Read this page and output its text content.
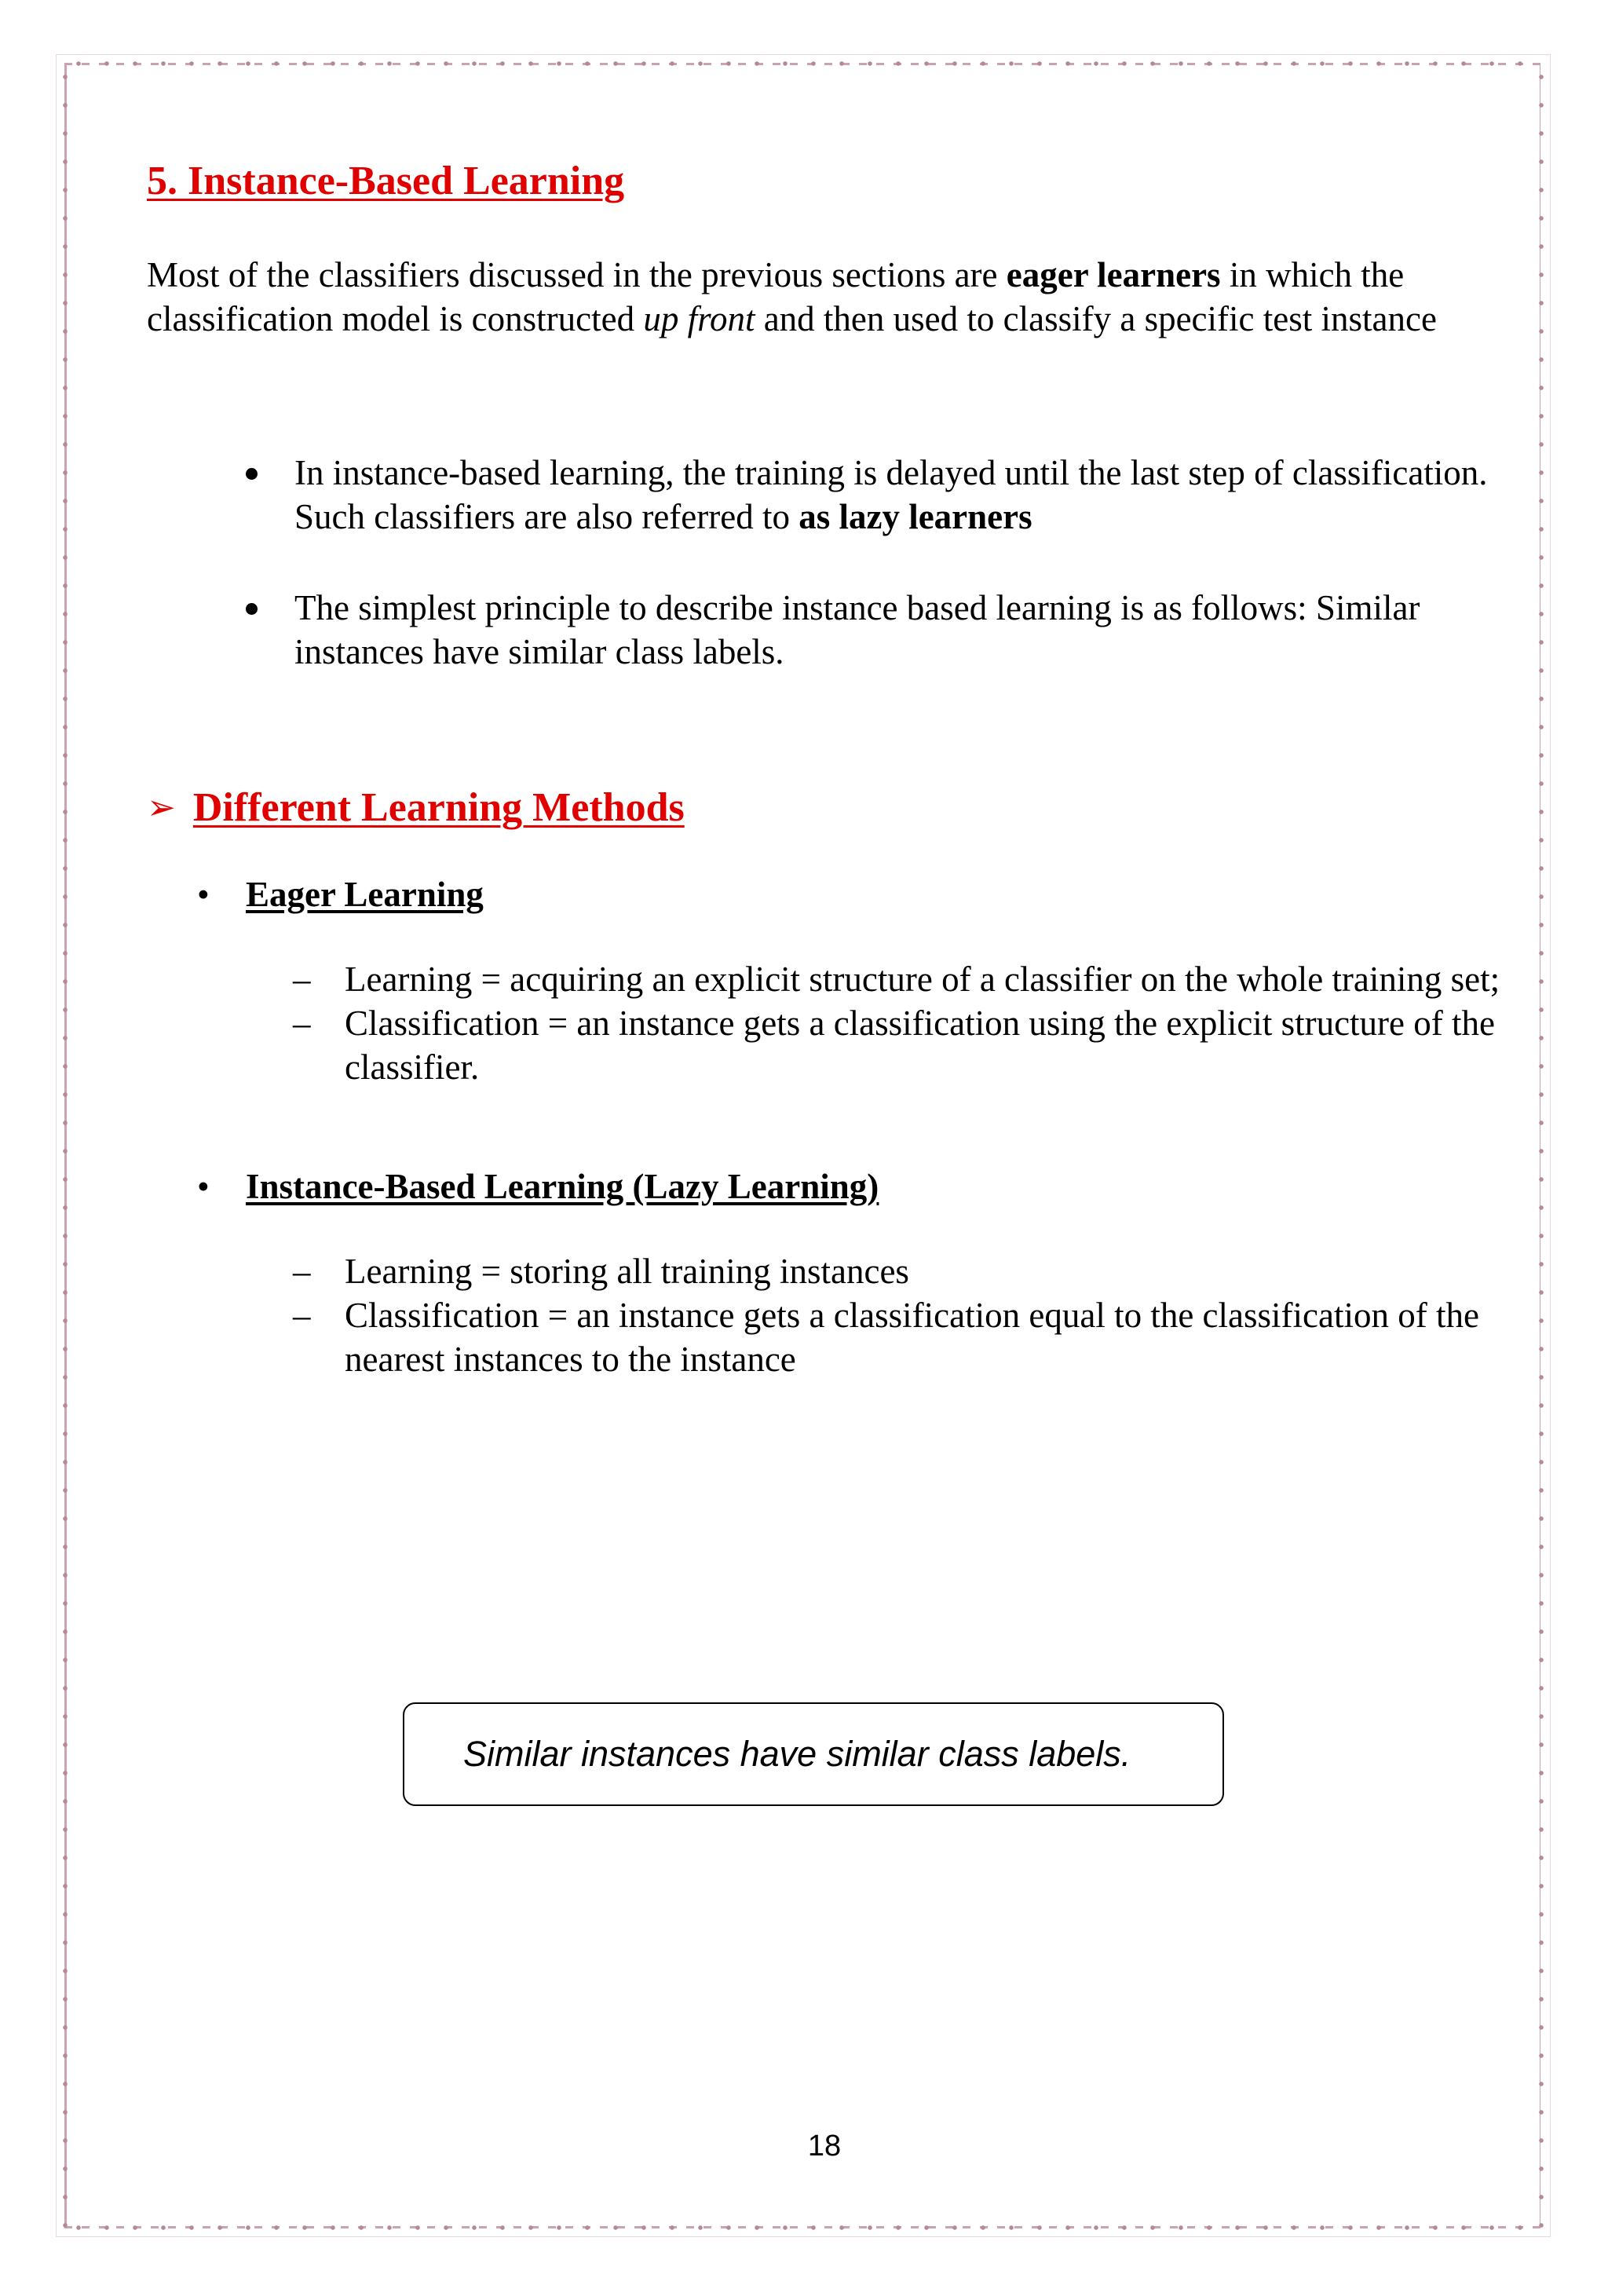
5. Instance-Based Learning

Most of the classifiers discussed in the previous sections are eager learners in which the classification model is constructed up front and then used to classify a specific test instance

In instance-based learning, the training is delayed until the last step of classification. Such classifiers are also referred to as lazy learners
The simplest principle to describe instance based learning is as follows: Similar instances have similar class labels.
➢ Different Learning Methods
• Eager Learning
– Learning = acquiring an explicit structure of a classifier on the whole training set;
– Classification = an instance gets a classification using the explicit structure of the classifier.
• Instance-Based Learning (Lazy Learning)
– Learning = storing all training instances
– Classification = an instance gets a classification equal to the classification of the nearest instances to the instance
Similar instances have similar class labels.
18
